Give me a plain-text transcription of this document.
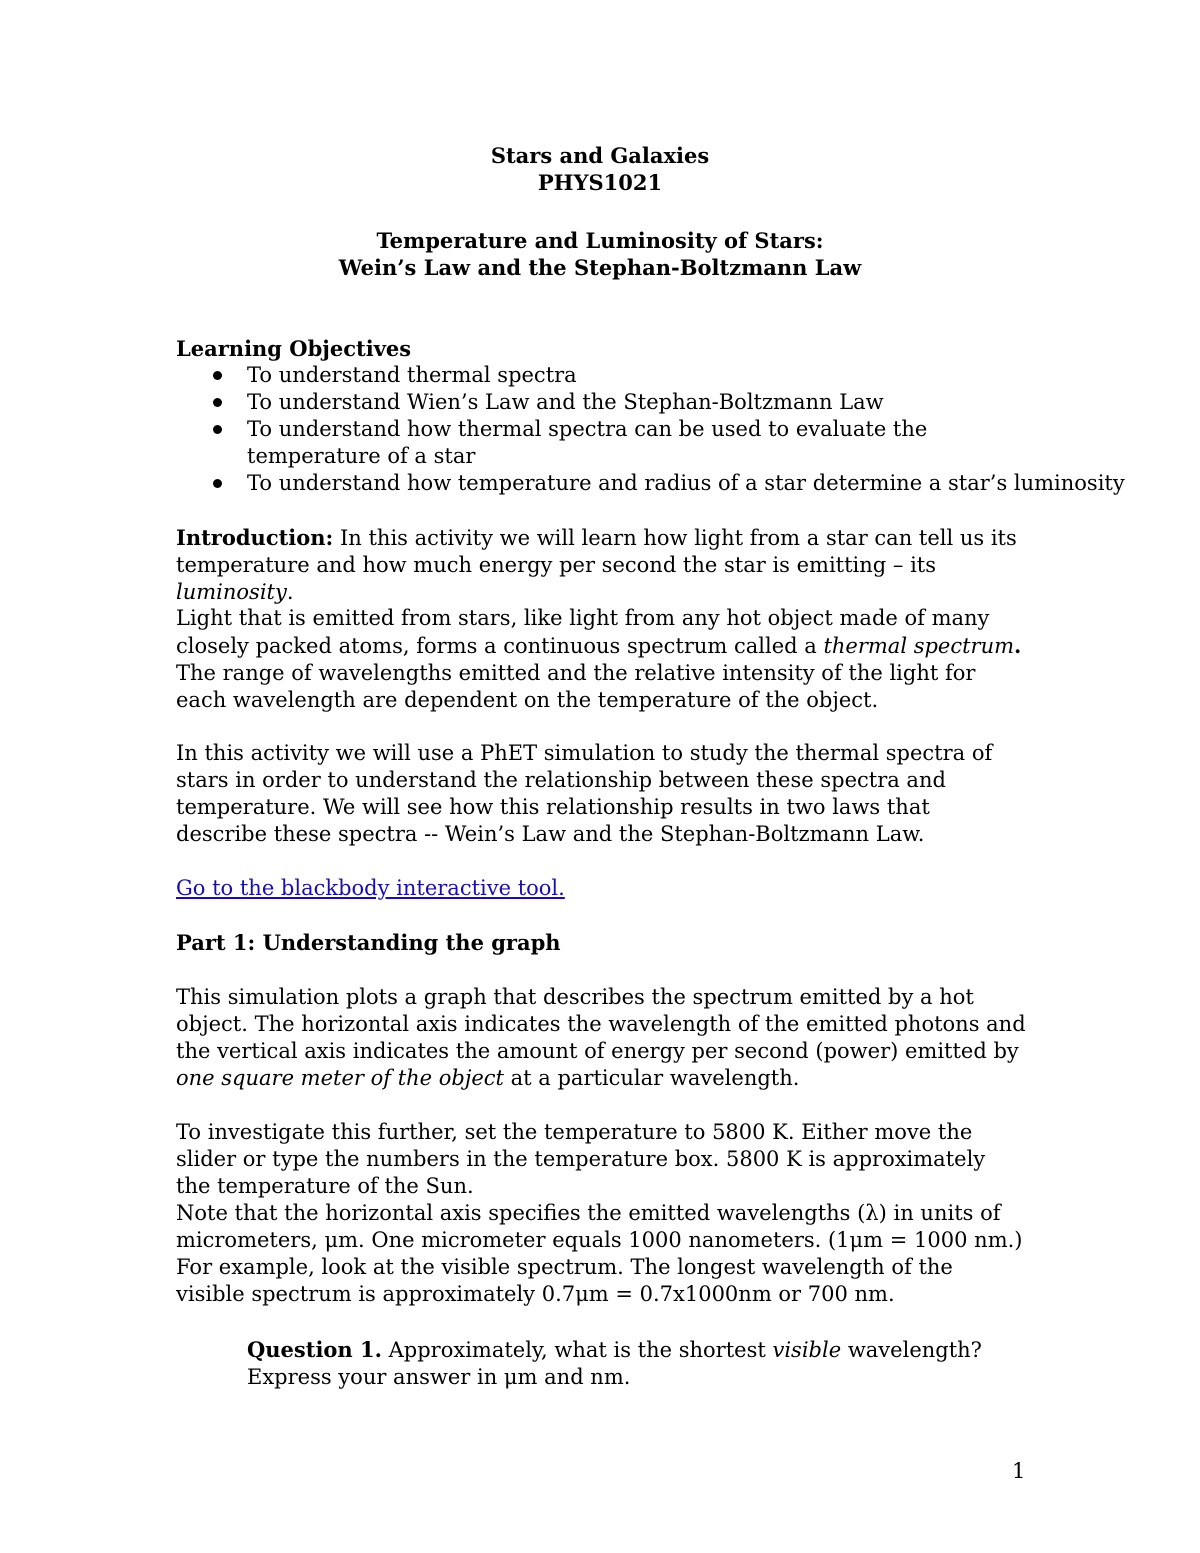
Stars and Galaxies
PHYS1021
Temperature and Luminosity of Stars:
Wein’s Law and the Stephan-Boltzmann Law
Learning Objectives
To understand thermal spectra
To understand Wien’s Law and the Stephan-Boltzmann Law
To understand how thermal spectra can be used to evaluate the temperature of a star
To understand how temperature and radius of a star determine a star’s luminosity
Introduction: In this activity we will learn how light from a star can tell us its temperature and how much energy per second the star is emitting – its luminosity.
Light that is emitted from stars, like light from any hot object made of many closely packed atoms, forms a continuous spectrum called a thermal spectrum. The range of wavelengths emitted and the relative intensity of the light for each wavelength are dependent on the temperature of the object.
In this activity we will use a PhET simulation to study the thermal spectra of stars in order to understand the relationship between these spectra and temperature. We will see how this relationship results in two laws that describe these spectra -- Wein’s Law and the Stephan-Boltzmann Law.
Go to the blackbody interactive tool.
Part 1: Understanding the graph
This simulation plots a graph that describes the spectrum emitted by a hot object. The horizontal axis indicates the wavelength of the emitted photons and the vertical axis indicates the amount of energy per second (power) emitted by one square meter of the object at a particular wavelength.
To investigate this further, set the temperature to 5800 K. Either move the slider or type the numbers in the temperature box. 5800 K is approximately the temperature of the Sun.
Note that the horizontal axis specifies the emitted wavelengths (λ) in units of micrometers, μm. One micrometer equals 1000 nanometers. (1μm = 1000 nm.) For example, look at the visible spectrum. The longest wavelength of the visible spectrum is approximately 0.7μm = 0.7x1000nm or 700 nm.
Question 1. Approximately, what is the shortest visible wavelength? Express your answer in μm and nm.
1
